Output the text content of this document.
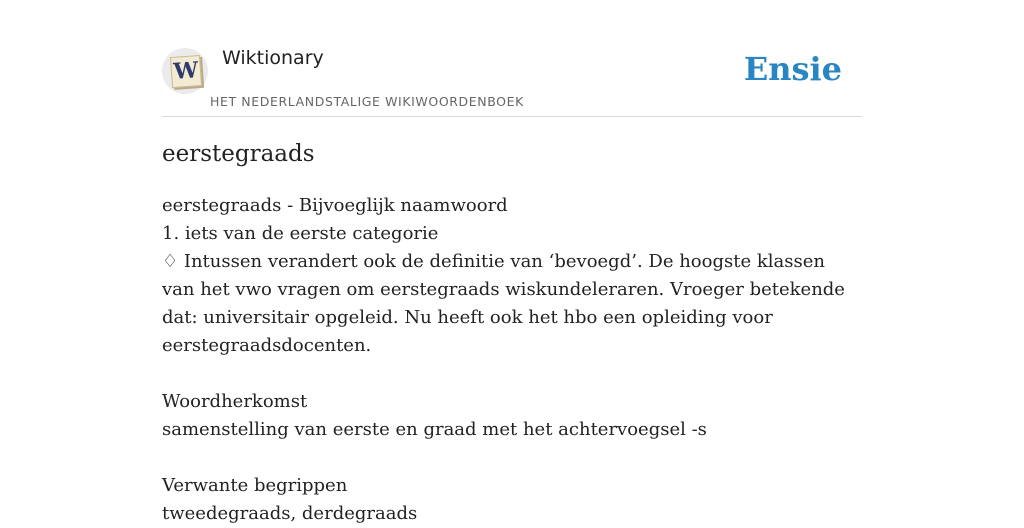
W Wiktionary
HET NEDERLANDSTALIGE WIKIWOORDENBOEK
Ensie
eerstegraads

eerstegraads - Bijvoeglijk naamwoord

1. iets van de eerste categorie

♢ Intussen verandert ook de definitie van ‘bevoegd’. De hoogste klassen van het vwo vragen om eerstegraads wiskundeleraren. Vroeger betekende dat: universitair opgeleid. Nu heeft ook het hbo een opleiding voor eerstegraadsdocenten.

Woordherkomst

samenstelling van eerste en graad met het achtervoegsel -s

Verwante begrippen

tweedegraads, derdegraads
